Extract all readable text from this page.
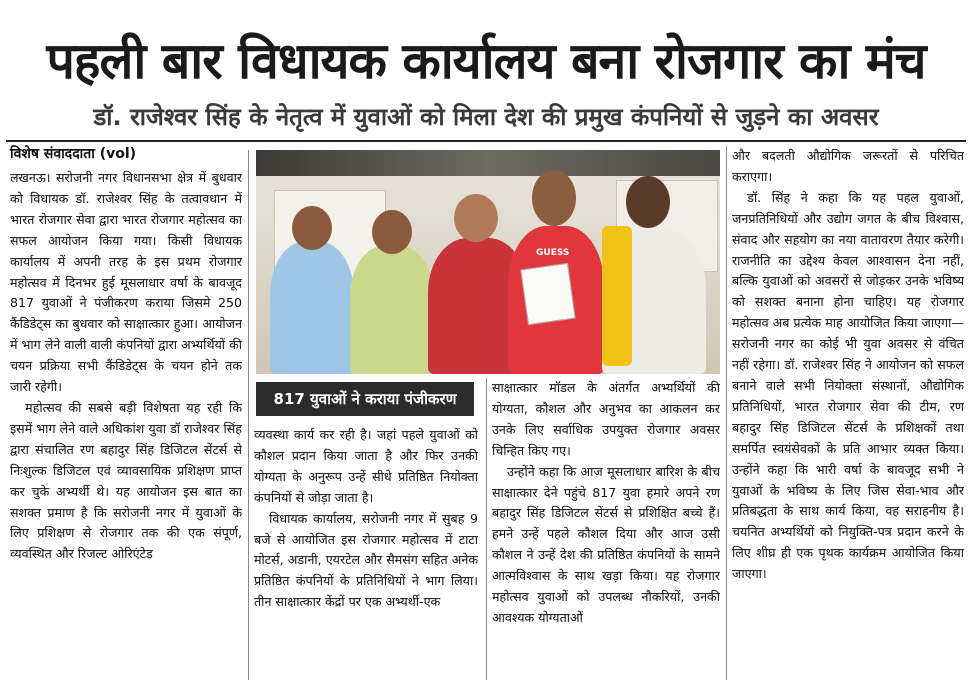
पहली बार विधायक कार्यालय बना रोजगार का मंच
डॉ. राजेश्वर सिंह के नेतृत्व में युवाओं को मिला देश की प्रमुख कंपनियों से जुड़ने का अवसर
विशेष संवाददाता (vol)

लखनऊ। सरोजनी नगर विधानसभा क्षेत्र में बुधवार को विधायक डॉ. राजेश्वर सिंह के तत्वावधान में भारत रोजगार सेवा द्वारा भारत रोजगार महोत्सव का सफल आयोजन किया गया। किसी विधायक कार्यालय में अपनी तरह के इस प्रथम रोजगार महोत्सव में दिनभर हुई मूसलाधार वर्षा के बावजूद 817 युवाओं ने पंजीकरण कराया जिसमे 250 कैंडिडेट्स का बुधवार को साक्षात्कार हुआ। आयोजन में भाग लेने वाली वाली कंपनियों द्वारा अभ्यर्थियों की चयन प्रक्रिया सभी कैंडिडेट्स के चयन होने तक जारी रहेगी।

महोत्सव की सबसे बड़ी विशेषता यह रही कि इसमें भाग लेने वाले अधिकांश युवा डॉ राजेश्वर सिंह द्वारा संचालित रण बहादुर सिंह डिजिटल सेंटर्स से निःशुल्क डिजिटल एवं व्यावसायिक प्रशिक्षण प्राप्त कर चुके अभ्यर्थी थे। यह आयोजन इस बात का सशक्त प्रमाण है कि सरोजनी नगर में युवाओं के लिए प्रशिक्षण से रोजगार तक की एक संपूर्ण, व्यवस्थित और रिजल्ट ओरिएंटेड

GUESS
817 युवाओं ने कराया पंजीकरण

व्यवस्था कार्य कर रही है। जहां पहले युवाओं को कौशल प्रदान किया जाता है और फिर उनकी योग्यता के अनुरूप उन्हें सीधे प्रतिष्ठित नियोक्ता कंपनियों से जोड़ा जाता है।

विधायक कार्यालय, सरोजनी नगर में सुबह 9 बजे से आयोजित इस रोजगार महोत्सव में टाटा मोटर्स, अडानी, एयरटेल और सैमसंग सहित अनेक प्रतिष्ठित कंपनियों के प्रतिनिधियों ने भाग लिया। तीन साक्षात्कार केंद्रों पर एक अभ्यर्थी-एक

साक्षात्कार मॉडल के अंतर्गत अभ्यर्थियों की योग्यता, कौशल और अनुभव का आकलन कर उनके लिए सर्वाधिक उपयुक्त रोजगार अवसर चिन्हित किए गए।

उन्होंने कहा कि आज मूसलाधार बारिश के बीच साक्षात्कार देने पहुंचे 817 युवा हमारे अपने रण बहादुर सिंह डिजिटल सेंटर्स से प्रशिक्षित बच्चे हैं। हमने उन्हें पहले कौशल दिया और आज उसी कौशल ने उन्हें देश की प्रतिष्ठित कंपनियों के सामने आत्मविश्वास के साथ खड़ा किया। यह रोजगार महोत्सव युवाओं को उपलब्ध नौकरियों, उनकी आवश्यक योग्यताओं

और बदलती औद्योगिक जरूरतों से परिचित कराएगा।

डॉ. सिंह ने कहा कि यह पहल युवाओं, जनप्रतिनिधियों और उद्योग जगत के बीच विश्वास, संवाद और सहयोग का नया वातावरण तैयार करेगी। राजनीति का उद्देश्य केवल आश्वासन देना नहीं, बल्कि युवाओं को अवसरों से जोड़कर उनके भविष्य को सशक्त बनाना होना चाहिए। यह रोजगार महोत्सव अब प्रत्येक माह आयोजित किया जाएगा—सरोजनी नगर का कोई भी युवा अवसर से वंचित नहीं रहेगा। डॉ. राजेश्वर सिंह ने आयोजन को सफल बनाने वाले सभी नियोक्ता संस्थानों, औद्योगिक प्रतिनिधियों, भारत रोजगार सेवा की टीम, रण बहादुर सिंह डिजिटल सेंटर्स के प्रशिक्षकों तथा समर्पित स्वयंसेवकों के प्रति आभार व्यक्त किया। उन्होंने कहा कि भारी वर्षा के बावजूद सभी ने युवाओं के भविष्य के लिए जिस सेवा-भाव और प्रतिबद्धता के साथ कार्य किया, वह सराहनीय है। चयनित अभ्यर्थियों को नियुक्ति-पत्र प्रदान करने के लिए शीघ्र ही एक पृथक कार्यक्रम आयोजित किया जाएगा।
